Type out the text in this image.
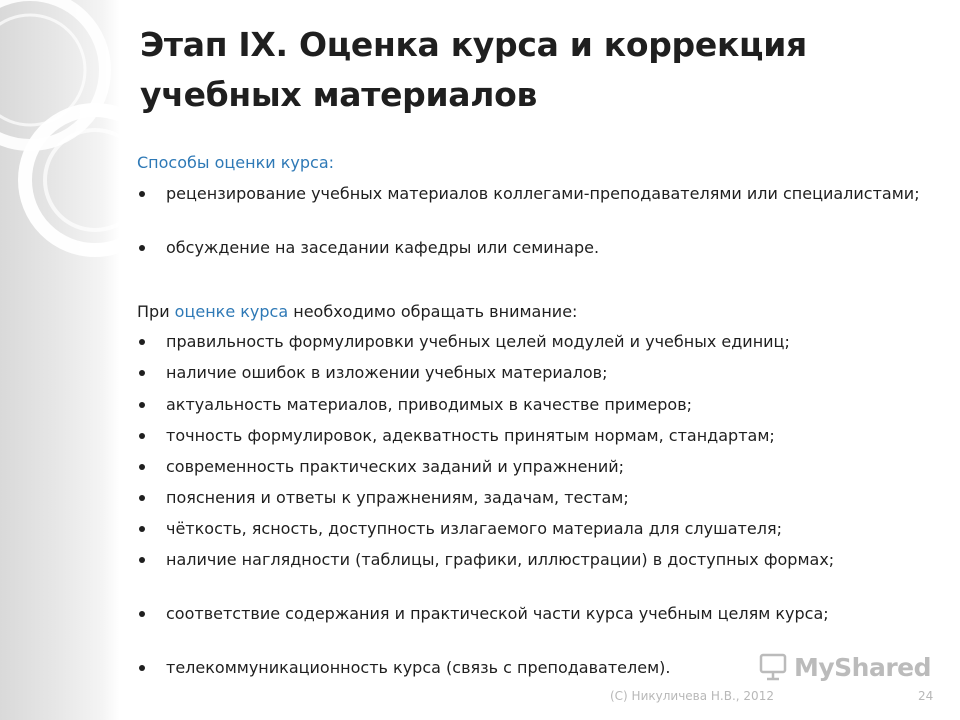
Этап IX. Оценка курса и коррекция учебных материалов
Способы оценки курса:
рецензирование учебных материалов коллегами-преподавателями или специалистами;
обсуждение на заседании кафедры или семинаре.
При оценке курса необходимо обращать внимание:
правильность формулировки учебных целей модулей и учебных единиц;
наличие ошибок в изложении учебных материалов;
актуальность материалов, приводимых в качестве примеров;
точность формулировок, адекватность принятым нормам, стандартам;
современность практических заданий и упражнений;
пояснения и ответы к упражнениям, задачам, тестам;
чёткость, ясность, доступность излагаемого материала для слушателя;
наличие наглядности (таблицы, графики, иллюстрации) в доступных формах;
соответствие содержания и практической части курса учебным целям курса;
телекоммуникационность курса (связь с преподавателем).	MyShared
(C) Никуличева Н.В., 2012	24
